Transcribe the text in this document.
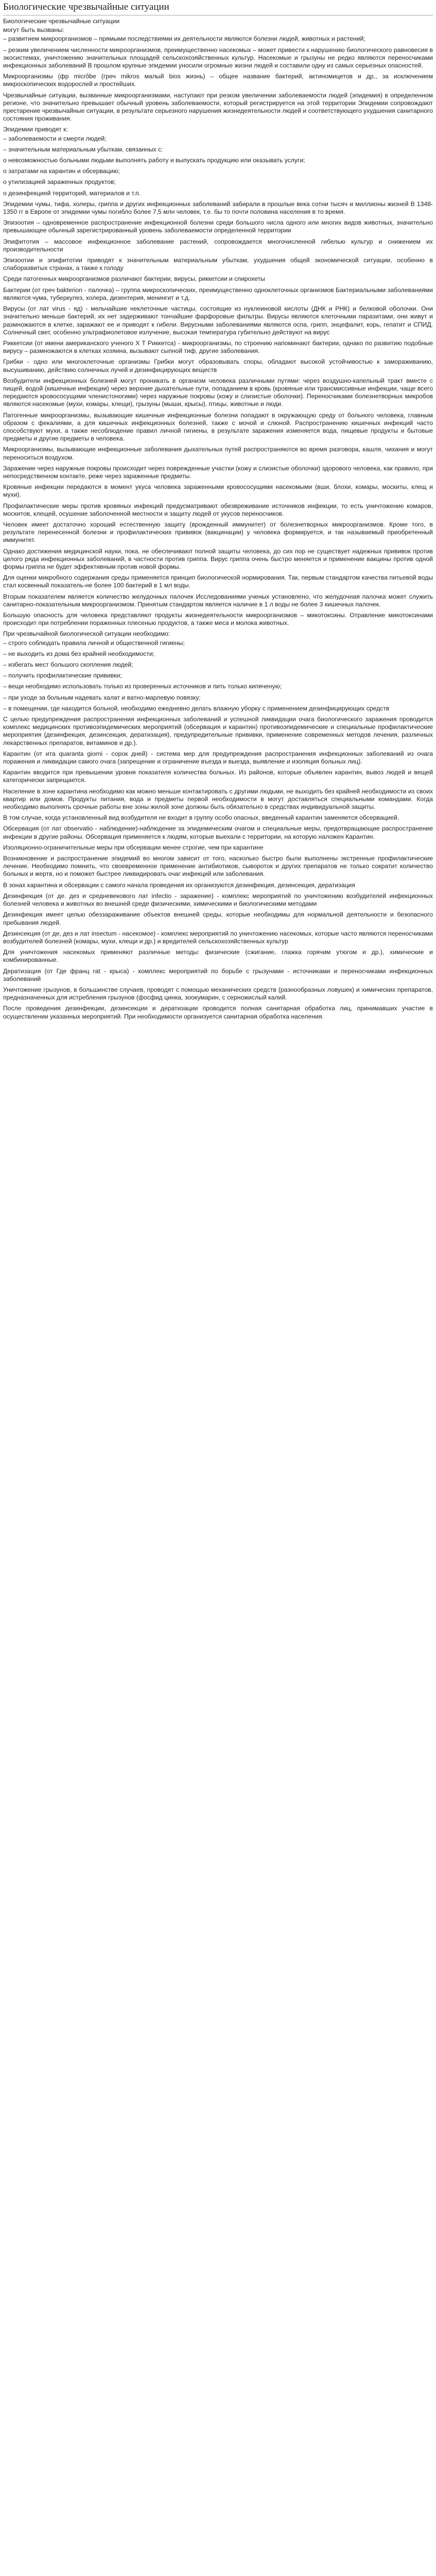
Биологические чрезвычайные ситуации

Биологические чрезвычайные ситуации

могут быть вызваны:

– развитием микроорганизмов – прямыми последствиями их деятельности являются болезни людей, животных и растений;

– резким увеличением численности микроорганизмов, преимущественно насекомых – может привести к нарушению биологического равновесия в экосистемах, уничтожению значительных площадей сельскохозяйственных культур. Насекомые и грызуны не редко являются переносчиками инфекционных заболеваний В прошлом крупные эпидемии уносили огромные жизни людей и составили одну из самых серьезных опасностей.

Микроорганизмы (фр micrôbe (греч mikros малый bios жизнь) – общее название бактерий, актиномицетов и др., за исключением микроскопических водорослей и простейших.

Чрезвычайные ситуации, вызванные микроорганизмами, наступают при резком увеличении заболеваемости людей (эпидемия) в определенном регионе, что значительно превышает обычный уровень заболеваемости, который регистрируется на этой территории Эпидемии сопровождают престарение чрезвычайные ситуации, в результате серьезного нарушения жизнедеятельности людей и соответствующего ухудшения санитарного состояния проживания.

Эпидемии приводят к:

– заболеваемости и смерти людей;

– значительным материальным убыткам, связанных с:

о невозможностью больными людьми выполнять работу и выпускать продукцию или оказывать услуги;

о затратами на карантин и обсервацию;

о утилизацией зараженных продуктов;

о дезинфекцией территорий, материалов и т.п.

Эпидемии чумы, тифа, холеры, гриппа и других инфекционных заболеваний забирали в прошлые века сотни тысяч и миллионы жизней В 1348-1350 гг в Европе от эпидемии чумы погибло более 7,5 млн человек, т.е. бы то почти половина населения в то время.

Эпизоотия – одновременное распространение инфекционной болезни среди большого числа одного или многих видов животных, значительно превышающее обычный зарегистрированный уровень заболеваемости определенной территории

Эпифитотия – массовое инфекционное заболевание растений, сопровождается многочисленной гибелью культур и снижением их производительности

Эпизоотии и эпифитотии приводят к значительным материальным убыткам, ухудшения общей экономической ситуации, особенно в слаборазвитых странах, а также к голоду

Среди патогенных микроорганизмов различают бактерии, вирусы, риккетсии и спирохеты

Бактерии (от греч bakterion - палочка) – группа микроскопических, преимущественно одноклеточных организмов Бактериальными заболеваниями являются чума, туберкулез, холера, дизентерия, менингит и т.д.

Вирусы (от лат virus - яд) - мельчайшие неклеточные частицы, состоящие из нуклеиновой кислоты (ДНК и РНК) и белковой оболочки. Они значительно меньше бактерий, их нет задерживают тончайшие фарфоровые фильтры. Вирусы являются клеточными паразитами, они живут и размножаются в клетке, заражают ее и приводят к гибели. Вирусными заболеваниями являются оспа, грипп, энцефалит, корь, гепатит и СПИД. Солнечный свет, особенно ультрафиолетовое излучение, высокая температура губительно действуют на вирус

Риккетсии (от имени американского ученого Х Т Риккетса) - микроорганизмы, по строению напоминают бактерии, однако по развитию подобные вирусу – размножаются в клетках хозяина, вызывают сыпной тиф, другие заболевания.

Грибки - одно или многоклеточные организмы Грибки могут образовывать споры, обладают высокой устойчивостью к замораживанию, высушиванию, действию солнечных лучей и дезинфицирующих веществ

Возбудители инфекционных болезней могут проникать в организм человека различными путями: через воздушно-капельный тракт вместе с пищей, водой (кишечные инфекции) через верхние дыхательные пути, попаданием в кровь (кровяные или трансмиссивные инфекции, чаще всего передаются кровососущими членистоногими) через наружные покровы (кожу и слизистые оболочки). Переносчиками болезнетворных микробов являются насекомые (мухи, комары, клещи), грызуны (мыши, крысы), птицы, животные и люди.

Патогенные микроорганизмы, вызывающие кишечные инфекционные болезни попадают в окружающую среду от больного человека, главным образом с фекалиями, а для кишечных инфекционных болезней, также с мочой и слюной. Распространению кишечных инфекций часто способствуют мухи, а также несоблюдение правил личной гигиены, в результате заражения изменяется вода, пищевые продукты и бытовые предметы и другие предметы в человека.

Микроорганизмы, вызывающие инфекционные заболевания дыхательных путей распространяются во время разговора, кашля, чихания и могут переноситься воздухом.

Заражение через наружные покровы происходит через поврежденные участки (кожу и слизистые оболочки) здорового человека, как правило, при непосредственном контакте, реже через зараженные предметы.

Кровяные инфекции передаются в момент укуса человека зараженными кровососущими насекомыми (вши, блохи, комары, москиты, клещ и мухи).

Профилактические меры против кровяных инфекций предусматривают обезвреживание источников инфекции, то есть уничтожение комаров, москитов, клещей, осушение заболоченной местности и защиту людей от укусов переносчиков.

Человек имеет достаточно хороший естественную защиту (врожденный иммунитет) от болезнетворных микроорганизмов. Кроме того, в результате перенесенной болезни и профилактических прививок (вакцинации) у человека формируется, и так называемый приобретенный иммунитет.

Однако достижения медицинской науки, пока, не обеспечивают полной защиты человека, до сих пор не существует надежных прививок против целого ряда инфекционных заболеваний, в частности против гриппа. Вирус гриппа очень быстро меняется и применение вакцины против одной формы гриппа не будет эффективным против новой формы.

Для оценки микробного содержания среды применяется принцип биологической нормирования. Так, первым стандартом качества питьевой воды стал косвенный показатель-не более 100 бактерий в 1 мл воды.

Вторым показателем является количество желудочных палочек Исследованиями ученых установлено, что желудочная палочка может служить санитарно-показательным микроорганизмом. Принятым стандартом является наличие в 1 л воды не более 3 кишечных палочек.

Большую опасность для человека представляют продукты жизнедеятельности микроорганизмов – микотоксины. Отравление микотоксинами происходит при потреблении пораженных плесенью продуктов, а также меса и молока животных.

При чрезвычайной биологической ситуации необходимо:

– строго соблюдать правила личной и общественной гигиены;

– не выходить из дома без крайней необходимости;

– избегать мест большого скопления людей;

– получить профилактические прививки;

– вещи необходимо использовать только из проверенных источников и пить только кипяченую;

– при уходе за больным надевать халат и ватно-марлевую повязку;

– в помещении, где находится больной, необходимо ежедневно делать влажную уборку с применением дезинфицирующих средств

С целью предупреждения распространения инфекционных заболеваний и успешной ликвидации очага биологического заражения проводится комплекс медицинских противоэпидемических мероприятий (обсервация и карантин) противоэпидемические и специальные профилактические мероприятия (дезинфекция, дезинсекция, дератизация), предупредительные прививки, применение современных методов лечения, различных лекарственных препаратов, витаминов и др.).

Карантин (от ита quaranta giorni - сорок дней) - система мер для предупреждения распространения инфекционных заболеваний из очага поражения и ликвидации самого очага (запрещение и ограничение въезда и выезда, выявление и изоляция больных лиц).

Карантин вводится при превышении уровня показателя количества больных. Из районов, которые объявлен карантин, вывоз людей и вещей категорически запрещается.

Население в зоне карантина необходимо как можно меньше контактировать с другими людьми, не выходить без крайней необходимости из своих квартир или домов. Продукты питания, вода и предметы первой необходимости в могут доставляться специальными командами. Когда необходимо выполнять срочные работы вне зоны жилой зоне должны быть обязательно в средствах индивидуальной защиты.

В том случае, когда установленный вид возбудителя не входит в группу особо опасных, введенный карантин заменяется обсервацией.

Обсервация (от лат observatio - наблюдение)-наблюдение за эпидемическим очагом и специальные меры, предотвращающие распространение инфекции в другие районы. Обсервация применяется к людям, которые выехали с территории, на которую наложен Карантин.

Изоляционно-ограничительные меры при обсервации менее строгие, чем при карантине

Возникновение и распространение эпидемий во многом зависит от того, насколько быстро были выполнены экстренные профилактические лечение. Необходимо помнить, что своевременное применение антибиотиков, сывороток и других препаратов не только сократит количество больных и жертв, но и поможет быстрее ликвидировать очаг инфекций или заболевания.

В зонах карантина и обсервации с самого начала проведения их организуются дезинфекция, дезинсекция, дератизация

Дезинфекция (от де. дез и средневекового лат infectio - заражение) - комплекс мероприятий по уничтожению возбудителей инфекционных болезней человека и животных во внешней среде физическими, химическими и биологическими методами

Дезинфекция имеет целью обеззараживание объектов внешней среды, которые необходимы для нормальной деятельности и безопасного пребывания людей.

Дезинсекция (от де, дез и лат insectum - насекомое) - комплекс мероприятий по уничтожению насекомых, которые часто являются переносчиками возбудителей болезней (комары, мухи, клещи и др.) и вредителей сельскохозяйственных культур

Для уничтожения насекомых применяют различные методы: физические (сжигание, глажка горячим утюгом и др.), химические и комбинированные.

Дератизация (от Где франц rat - крыса) - комплекс мероприятий по борьбе с грызунами - источниками и переносчиками инфекционных заболеваний

Уничтожение грызунов, в большинстве случаев, проводят с помощью механических средств (разнообразных ловушек) и химических препаратов, предназначенных для истребления грызунов (фосфид цинка, зоокумарин, с серножислый калий.

После проведения дезинфекции, дезинсекции и дератизации проводится полная санитарная обработка лиц, принимавших участие в осуществлении указанных мероприятий. При необходимости организуется санитарная обработка населения.
